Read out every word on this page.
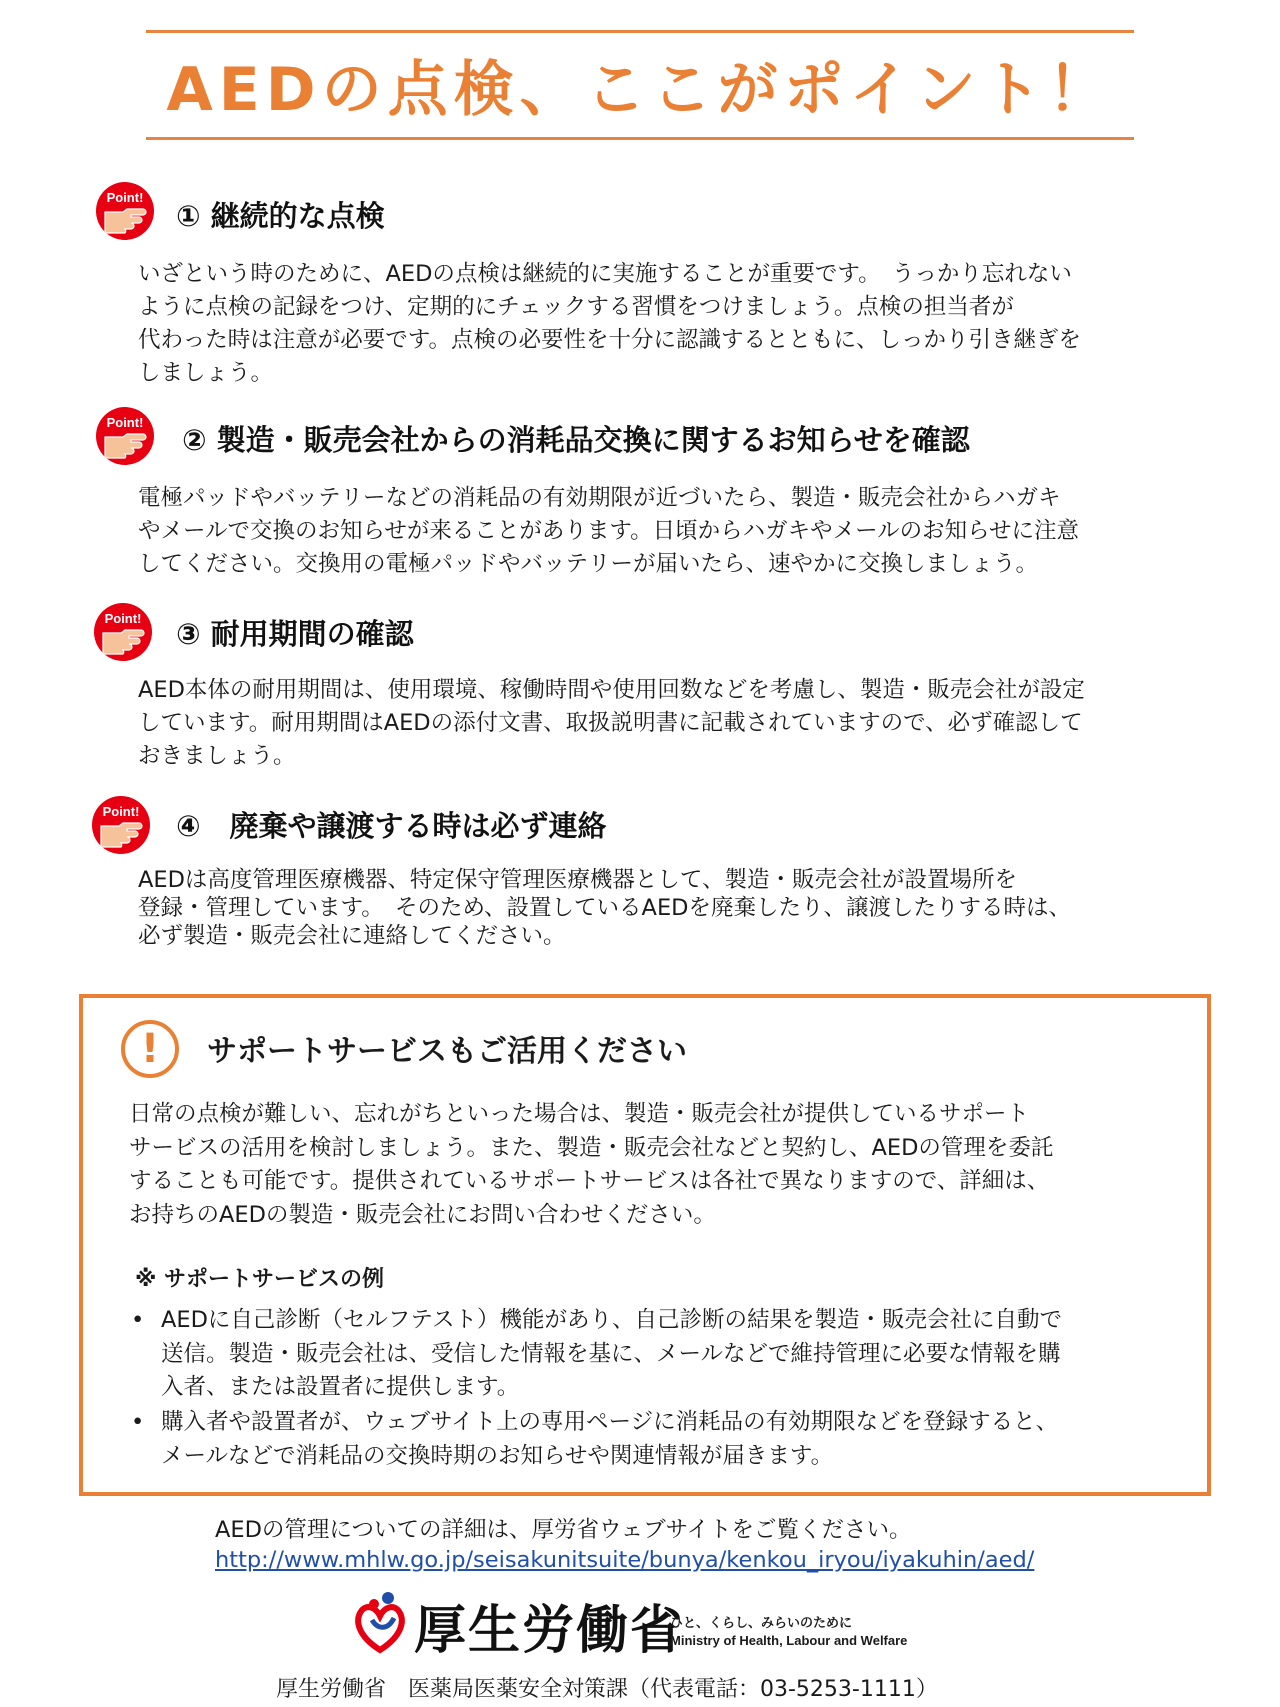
AEDの点検、ここがポイント！
Point!
① 継続的な点検
いざという時のために、AEDの点検は継続的に実施することが重要です。　うっかり忘れない
ように点検の記録をつけ、定期的にチェックする習慣をつけましょう。点検の担当者が
代わった時は注意が必要です。点検の必要性を十分に認識するとともに、しっかり引き継ぎを
しましょう。
Point!
② 製造・販売会社からの消耗品交換に関するお知らせを確認
電極パッドやバッテリーなどの消耗品の有効期限が近づいたら、製造・販売会社からハガキ
やメールで交換のお知らせが来ることがあります。日頃からハガキやメールのお知らせに注意
してください。交換用の電極パッドやバッテリーが届いたら、速やかに交換しましょう。
Point!	③ 耐用期間の確認
AED本体の耐用期間は、使用環境、稼働時間や使用回数などを考慮し、製造・販売会社が設定
しています。耐用期間はAEDの添付文書、取扱説明書に記載されていますので、必ず確認して
おきましょう。
Point!	④　廃棄や譲渡する時は必ず連絡
AEDは高度管理医療機器、特定保守管理医療機器として、製造・販売会社が設置場所を
登録・管理しています。　そのため、設置しているAEDを廃棄したり、譲渡したりする時は、
必ず製造・販売会社に連絡してください。
!	サポートサービスもご活用ください
日常の点検が難しい、忘れがちといった場合は、製造・販売会社が提供しているサポート
サービスの活用を検討しましょう。また、製造・販売会社などと契約し、AEDの管理を委託
することも可能です。提供されているサポートサービスは各社で異なりますので、詳細は、
お持ちのAEDの製造・販売会社にお問い合わせください。
※ サポートサービスの例
• AEDに自己診断（セルフテスト）機能があり、自己診断の結果を製造・販売会社に自動で
送信。製造・販売会社は、受信した情報を基に、メールなどで維持管理に必要な情報を購
入者、または設置者に提供します。
• 購入者や設置者が、ウェブサイト上の専用ページに消耗品の有効期限などを登録すると、
メールなどで消耗品の交換時期のお知らせや関連情報が届きます。
AEDの管理についての詳細は、厚労省ウェブサイトをご覧ください。
http://www.mhlw.go.jp/seisakunitsuite/bunya/kenkou_iryou/iyakuhin/aed/
厚生労働省
ひと、くらし、みらいのために
Ministry of Health, Labour and Welfare
厚生労働省　医薬局医薬安全対策課（代表電話：03-5253-1111）
